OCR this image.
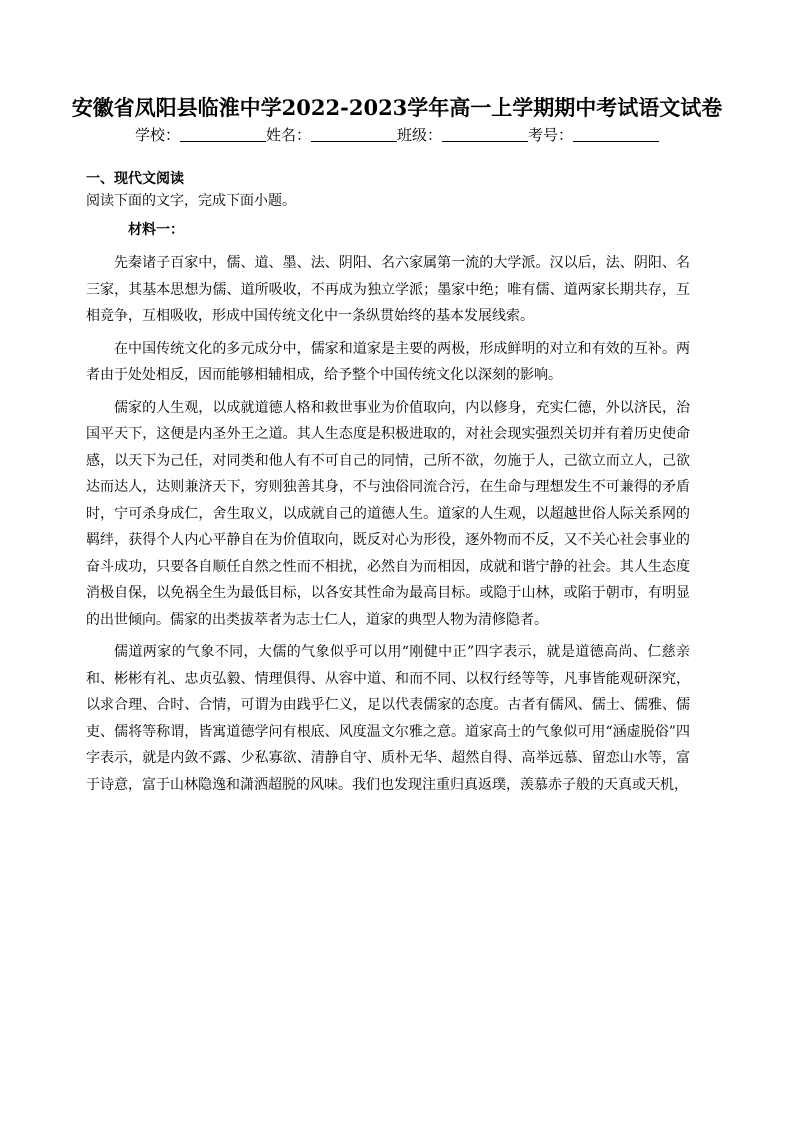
安徽省凤阳县临淮中学2022-2023学年高一上学期期中考试语文试卷
学校：	姓名：	班级：	考号：
一、现代文阅读
阅读下面的文字，完成下面小题。
材料一：

先秦诸子百家中，儒、道、墨、法、阴阳、名六家属第一流的大学派。汉以后，法、阴阳、名三家，其基本思想为儒、道所吸收，不再成为独立学派；墨家中绝；唯有儒、道两家长期共存，互相竞争，互相吸收，形成中国传统文化中一条纵贯始终的基本发展线索。

在中国传统文化的多元成分中，儒家和道家是主要的两极，形成鲜明的对立和有效的互补。两者由于处处相反，因而能够相辅相成，给予整个中国传统文化以深刻的影响。

儒家的人生观，以成就道德人格和救世事业为价值取向，内以修身，充实仁德，外以济民，治国平天下，这便是内圣外王之道。其人生态度是积极进取的，对社会现实强烈关切并有着历史使命感，以天下为己任，对同类和他人有不可自己的同情，己所不欲，勿施于人，己欲立而立人，己欲达而达人，达则兼济天下，穷则独善其身，不与浊俗同流合污，在生命与理想发生不可兼得的矛盾时，宁可杀身成仁，舍生取义，以成就自己的道德人生。道家的人生观，以超越世俗人际关系网的羁绊，获得个人内心平静自在为价值取向，既反对心为形役，逐外物而不反，又不关心社会事业的奋斗成功，只要各自顺任自然之性而不相扰，必然自为而相因，成就和谐宁静的社会。其人生态度消极自保，以免祸全生为最低目标，以各安其性命为最高目标。或隐于山林，或陷于朝市，有明显的出世倾向。儒家的出类拔萃者为志士仁人，道家的典型人物为清修隐者。

儒道两家的气象不同，大儒的气象似乎可以用“刚健中正”四字表示，就是道德高尚、仁慈亲和、彬彬有礼、忠贞弘毅、情理俱得、从容中道、和而不同、以权行经等等，凡事皆能观研深究，以求合理、合时、合情，可谓为由践乎仁义，足以代表儒家的态度。古者有儒风、儒士、儒雅、儒吏、儒将等称谓，皆寓道德学问有根底、风度温文尔雅之意。道家高士的气象似可用“涵虚脱俗”四字表示，就是内敛不露、少私寡欲、清静自守、质朴无华、超然自得、高举远慕、留恋山水等，富于诗意，富于山林隐逸和潇洒超脱的风味。我们也发现注重归真返璞，羡慕赤子般的天真或天机，
